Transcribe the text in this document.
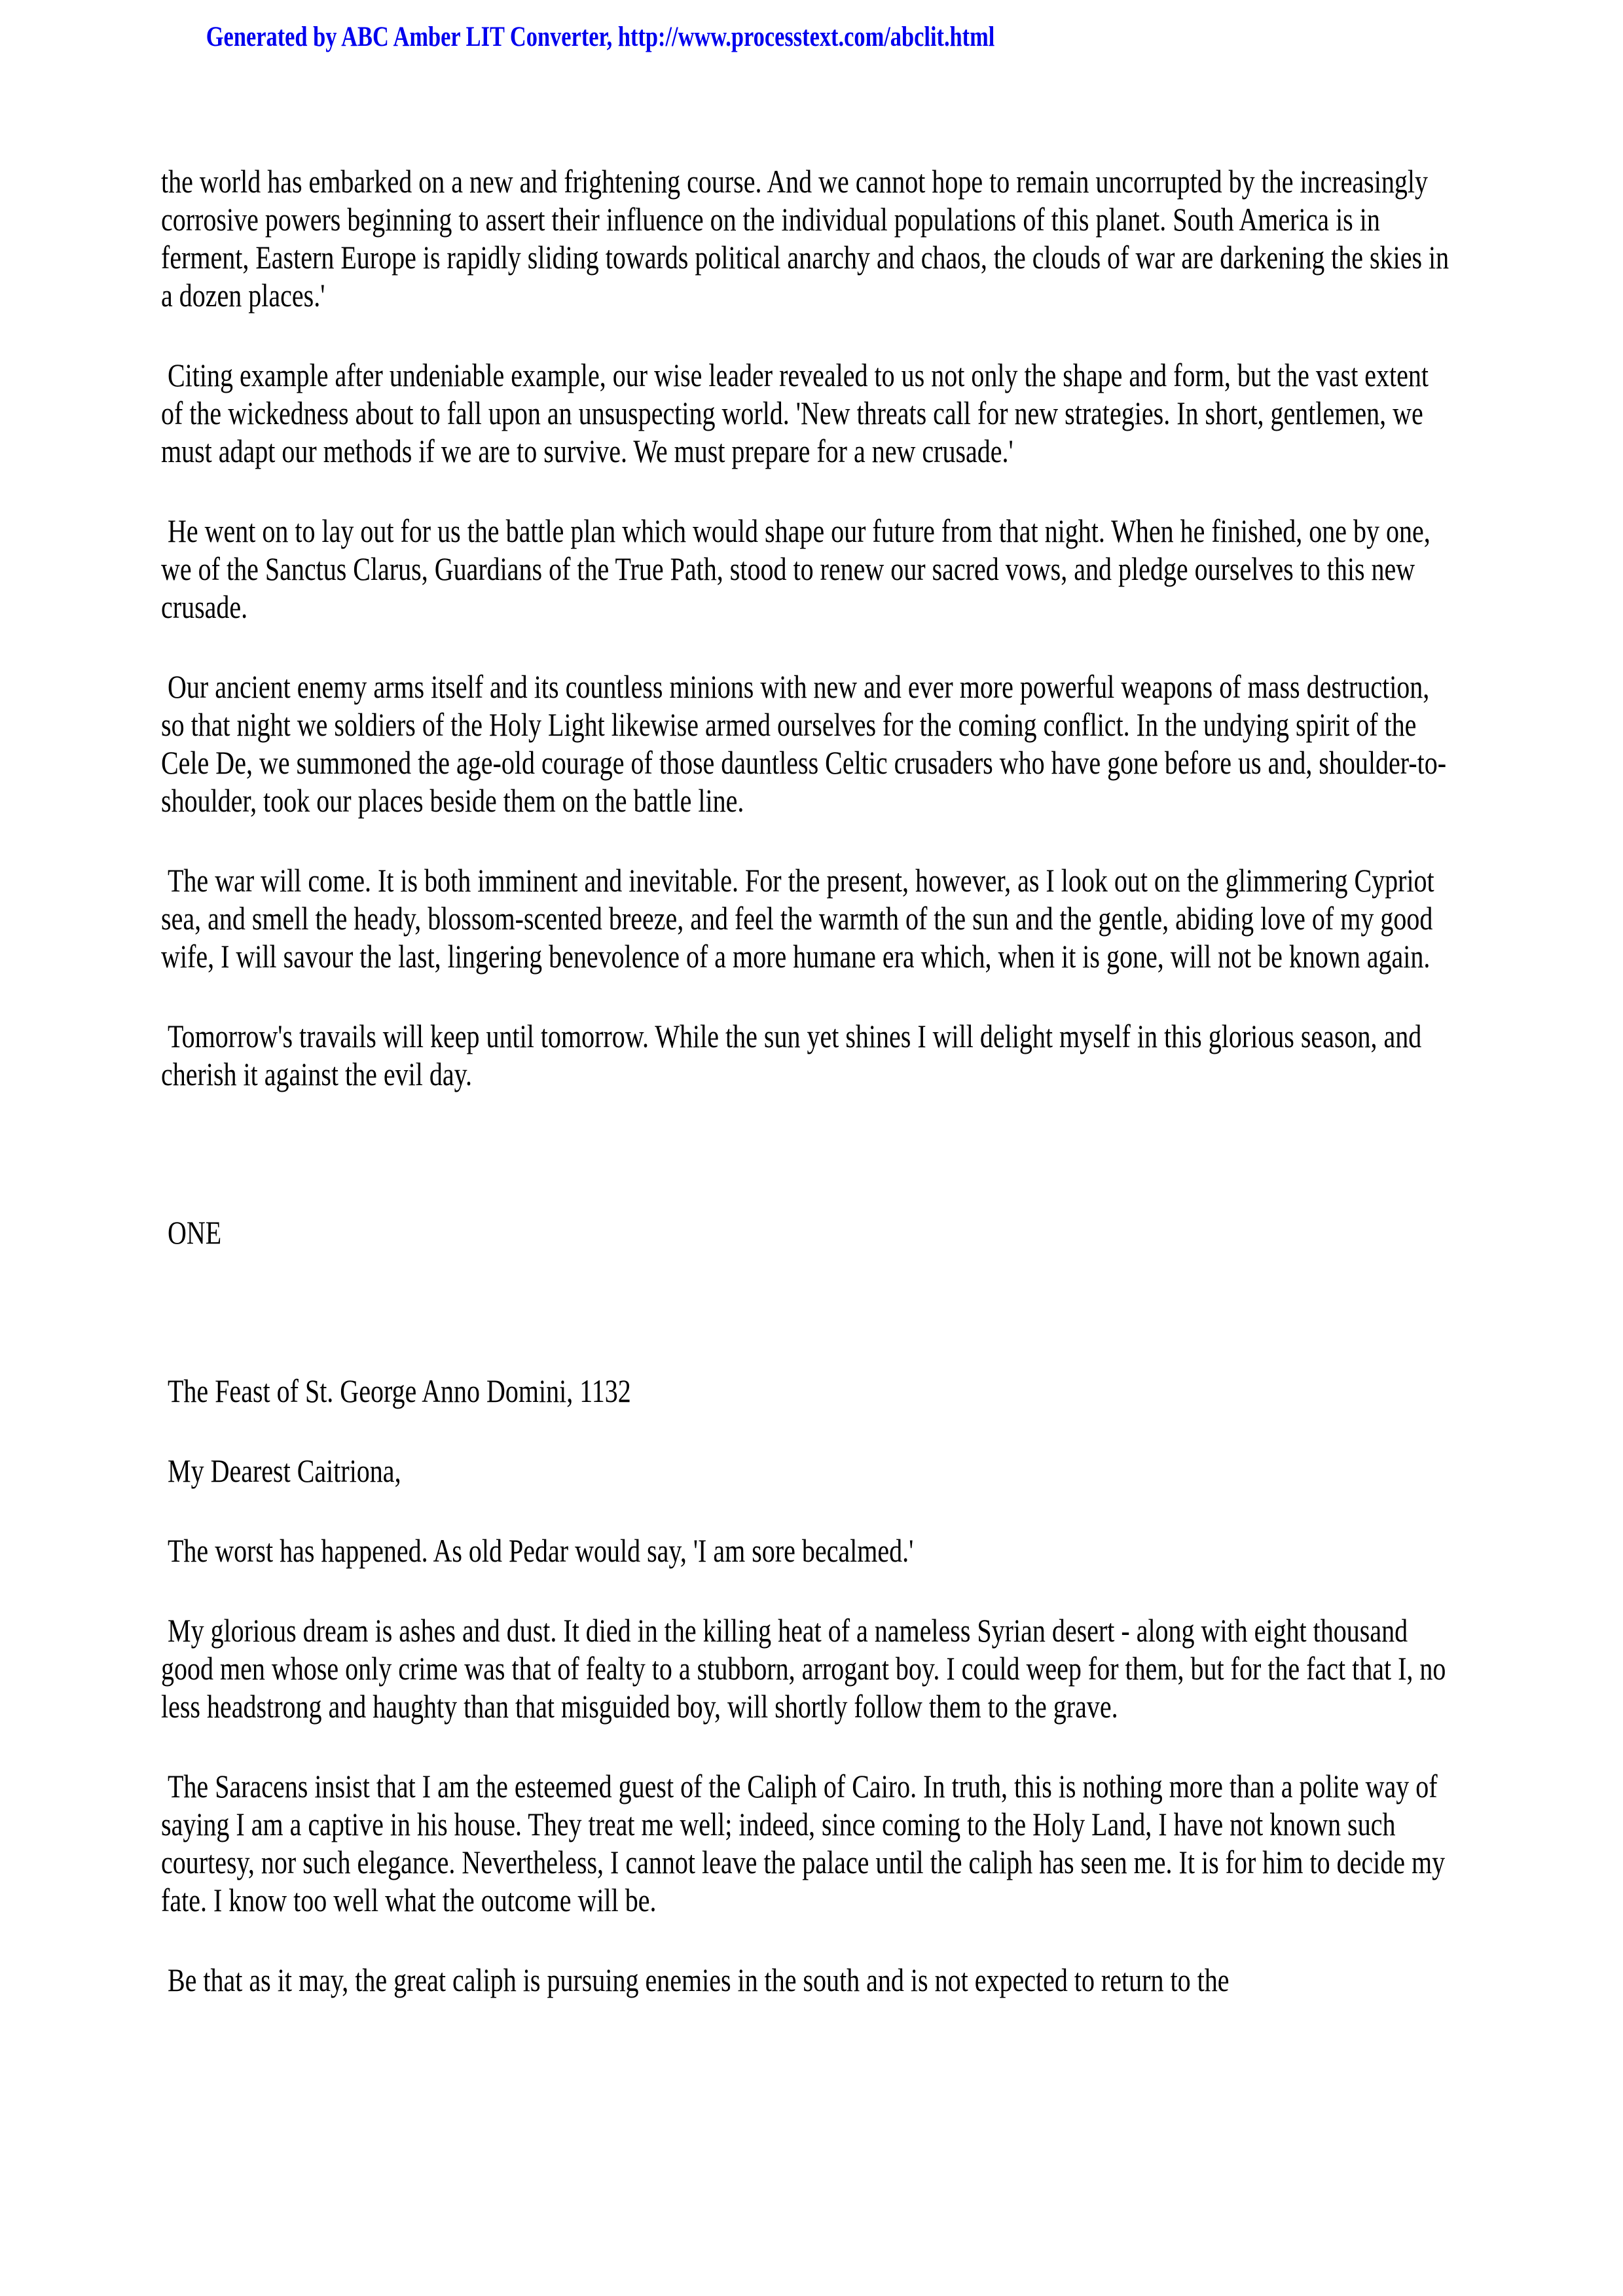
Generated by ABC Amber LIT Converter, http://www.processtext.com/abclit.html

the world has embarked on a new and frightening course. And we cannot hope to remain uncorrupted by the increasingly corrosive powers beginning to assert their influence on the individual populations of this planet. South America is in ferment, Eastern Europe is rapidly sliding towards political anarchy and chaos, the clouds of war are darkening the skies in a dozen places.'

Citing example after undeniable example, our wise leader revealed to us not only the shape and form, but the vast extent of the wickedness about to fall upon an unsuspecting world. 'New threats call for new strategies. In short, gentlemen, we must adapt our methods if we are to survive. We must prepare for a new crusade.'

He went on to lay out for us the battle plan which would shape our future from that night. When he finished, one by one, we of the Sanctus Clarus, Guardians of the True Path, stood to renew our sacred vows, and pledge ourselves to this new crusade.

Our ancient enemy arms itself and its countless minions with new and ever more powerful weapons of mass destruction, so that night we soldiers of the Holy Light likewise armed ourselves for the coming conflict. In the undying spirit of the Cele De, we summoned the age-old courage of those dauntless Celtic crusaders who have gone before us and, shoulder-to-shoulder, took our places beside them on the battle line.

The war will come. It is both imminent and inevitable. For the present, however, as I look out on the glimmering Cypriot sea, and smell the heady, blossom-scented breeze, and feel the warmth of the sun and the gentle, abiding love of my good wife, I will savour the last, lingering benevolence of a more humane era which, when it is gone, will not be known again.

Tomorrow's travails will keep until tomorrow. While the sun yet shines I will delight myself in this glorious season, and cherish it against the evil day.

ONE

The Feast of St. George Anno Domini, 1132

My Dearest Caitriona,

The worst has happened. As old Pedar would say, 'I am sore becalmed.'

My glorious dream is ashes and dust. It died in the killing heat of a nameless Syrian desert - along with eight thousand good men whose only crime was that of fealty to a stubborn, arrogant boy. I could weep for them, but for the fact that I, no less headstrong and haughty than that misguided boy, will shortly follow them to the grave.

The Saracens insist that I am the esteemed guest of the Caliph of Cairo. In truth, this is nothing more than a polite way of saying I am a captive in his house. They treat me well; indeed, since coming to the Holy Land, I have not known such courtesy, nor such elegance. Nevertheless, I cannot leave the palace until the caliph has seen me. It is for him to decide my fate. I know too well what the outcome will be.

Be that as it may, the great caliph is pursuing enemies in the south and is not expected to return to the
